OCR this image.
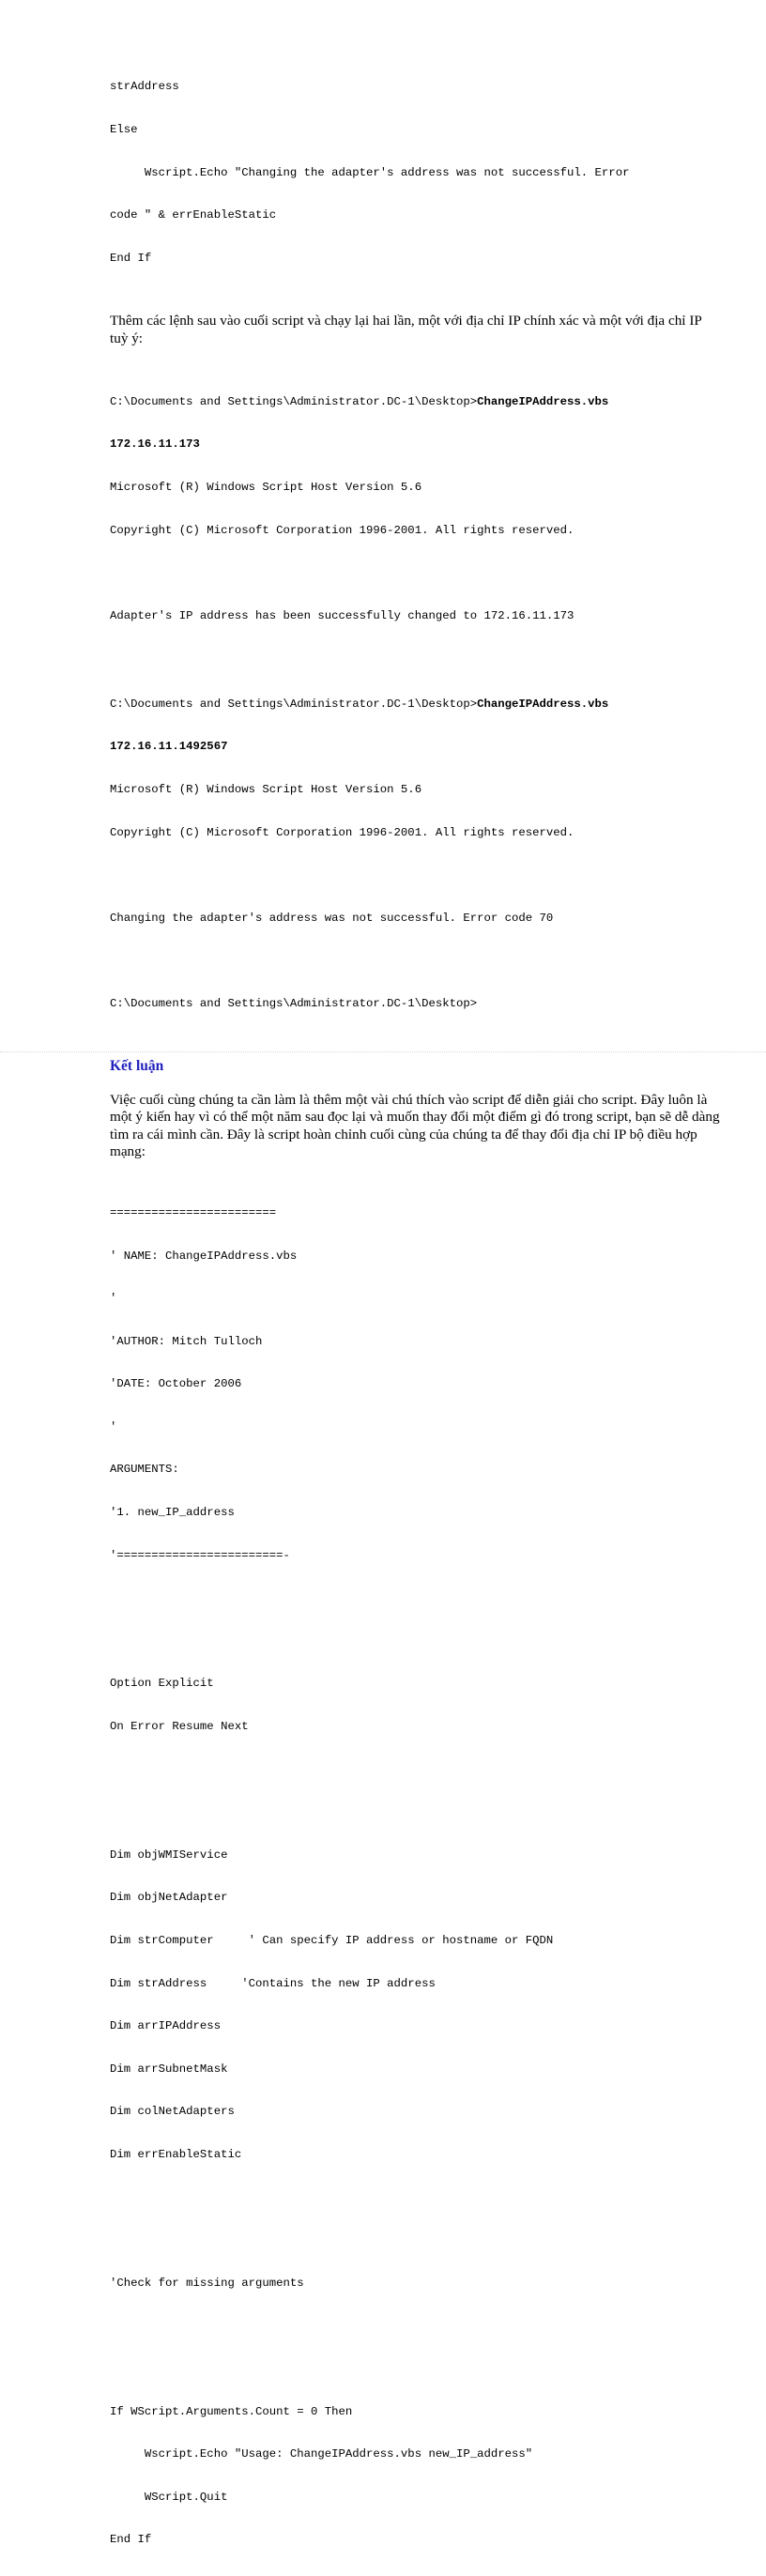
strAddress

Else

Wscript.Echo "Changing the adapter's address was not successful. Error

code " & errEnableStatic

End If

Thêm các lệnh sau vào cuối script và chạy lại hai lần, một với địa chỉ IP chính xác và một với địa chỉ IP tuỳ ý:

C:\Documents and Settings\Administrator.DC-1\Desktop>ChangeIPAddress.vbs

172.16.11.173

Microsoft (R) Windows Script Host Version 5.6

Copyright (C) Microsoft Corporation 1996-2001. All rights reserved.

Adapter's IP address has been successfully changed to 172.16.11.173

C:\Documents and Settings\Administrator.DC-1\Desktop>ChangeIPAddress.vbs

172.16.11.1492567

Microsoft (R) Windows Script Host Version 5.6

Copyright (C) Microsoft Corporation 1996-2001. All rights reserved.

Changing the adapter's address was not successful. Error code 70

C:\Documents and Settings\Administrator.DC-1\Desktop>

Kết luận

Việc cuối cùng chúng ta cần làm là thêm một vài chú thích vào script để diễn giải cho script. Đây luôn là một ý kiến hay vì có thể một năm sau đọc lại và muốn thay đổi một điểm gì đó trong script, bạn sẽ dễ dàng tìm ra cái mình cần. Đây là script hoàn chỉnh cuối cùng của chúng ta để thay đổi địa chỉ IP bộ điều hợp mạng:

========================

' NAME: ChangeIPAddress.vbs

'

'AUTHOR: Mitch Tulloch

'DATE: October 2006

'

ARGUMENTS:

'1. new_IP_address

'========================-

Option Explicit

On Error Resume Next

Dim objWMIService

Dim objNetAdapter

Dim strComputer     ' Can specify IP address or hostname or FQDN

Dim strAddress     'Contains the new IP address

Dim arrIPAddress

Dim arrSubnetMask

Dim colNetAdapters

Dim errEnableStatic

'Check for missing arguments

If WScript.Arguments.Count = 0 Then

Wscript.Echo "Usage: ChangeIPAddress.vbs new_IP_address"

WScript.Quit

End If
